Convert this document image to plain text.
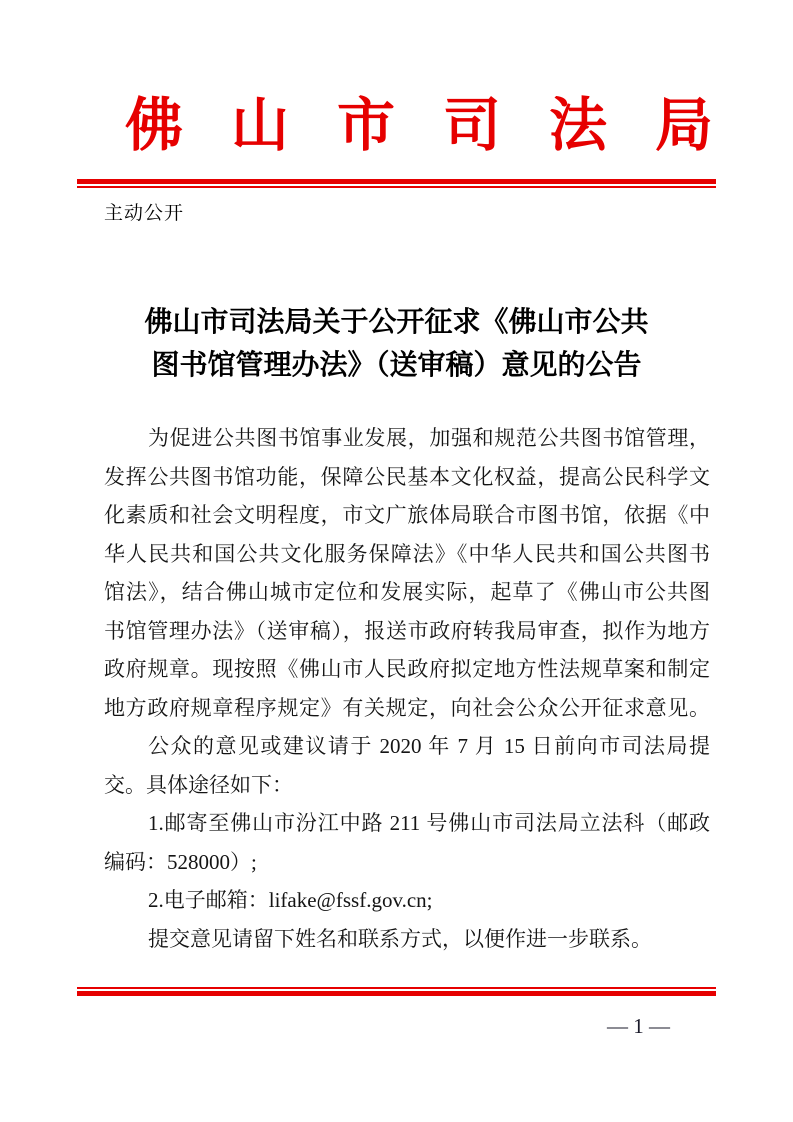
佛山市司法局
主动公开
佛山市司法局关于公开征求《佛山市公共
图书馆管理办法》（送审稿）意见的公告
为促进公共图书馆事业发展，加强和规范公共图书馆管理，
发挥公共图书馆功能，保障公民基本文化权益，提高公民科学文
化素质和社会文明程度，市文广旅体局联合市图书馆，依据《中
华人民共和国公共文化服务保障法》《中华人民共和国公共图书
馆法》，结合佛山城市定位和发展实际，起草了《佛山市公共图
书馆管理办法》（送审稿），报送市政府转我局审查，拟作为地方
政府规章。现按照《佛山市人民政府拟定地方性法规草案和制定
地方政府规章程序规定》有关规定，向社会公众公开征求意见。
公众的意见或建议请于 2020 年 7 月 15 日前向市司法局提
交。具体途径如下：
1.邮寄至佛山市汾江中路 211 号佛山市司法局立法科（邮政
编码：528000）;
2.电子邮箱：lifake@fssf.gov.cn;
提交意见请留下姓名和联系方式，以便作进一步联系。
— 1 —
